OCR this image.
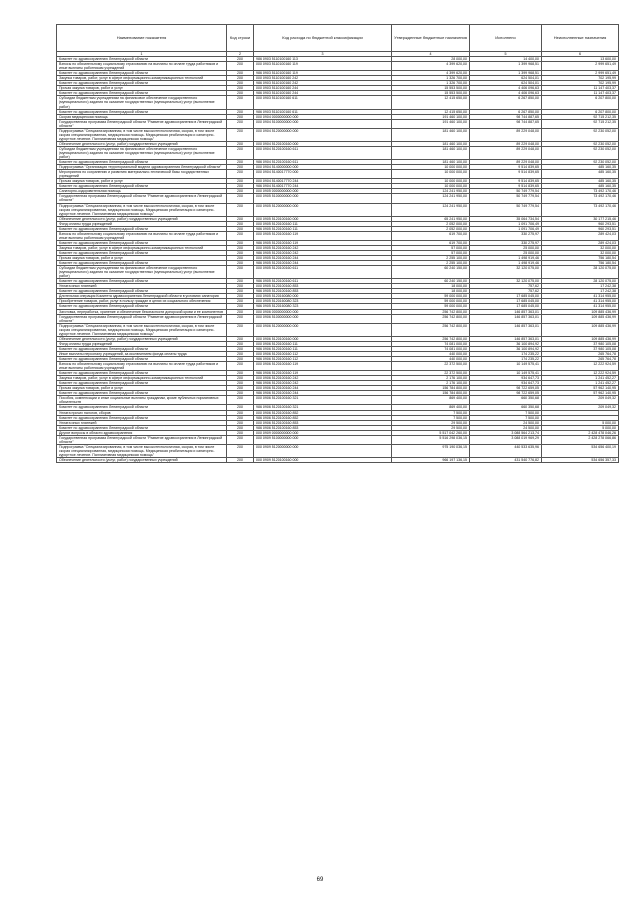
Наименование показателя	Код строки	Код расхода по бюджетной классификации	Утвержденные бюджетные назначения	Исполнено	Неисполненные назначения
1	2	3	4	5	6
Комитет по здравоохранению Ленинградской области	200	986 0903 5110100160 113	28 000,00	14 400,00	13 600,00
Взносы по обязательному социальному страхованию на выплаты по оплате труда работников и иные выплаты работникам учреждений	200	000 0903 5110100160 119	4 399 620,00	1 399 968,51	2 999 651,49
Комитет по здравоохранению Ленинградской области	200	986 0903 5110100160 119	4 399 620,00	1 399 968,51	2 999 651,49
Закупка товаров, работ, услуг в сфере информационно-коммуникационных технологий	200	000 0903 5110100160 242	1 326 700,00	624 504,01	702 195,99
Комитет по здравоохранению Ленинградской области	200	986 0903 5110100160 242	1 326 700,00	624 504,01	702 195,99
Прочая закупка товаров, работ и услуг	200	000 0903 5110100160 244	15 553 500,00	4 406 096,63	11 147 403,37
Комитет по здравоохранению Ленинградской области	200	986 0903 5110100160 244	15 553 500,00	4 406 096,63	11 147 403,37
Субсидии бюджетным учреждениям на финансовое обеспечение государственного (муниципального) задания на оказание государственных (муниципальных) услуг (выполнение работ)	200	000 0903 5110100160 611	12 415 650,00	6 267 850,00	6 207 800,00
Комитет по здравоохранению Ленинградской области	200	986 0903 5110100160 611	12 415 650,00	6 267 850,00	6 207 800,00
Скорая медицинская помощь	200	000 0904 0000000000 000	191 460 100,00	98 744 887,65	92 715 212,35
Государственная программа Ленинградской области "Развитие здравоохранения в Ленинградской области"	200	000 0904 5100000000 000	191 460 100,00	98 744 887,65	92 715 212,35
Подпрограмма "Специализированная, в том числе высокотехнологичная, скорая, в том числе скорая специализированная, медицинская помощь. Медицинская реабилитация и санаторно-курортное лечение. Паллиативная медицинская помощь"	200	000 0904 5120000000 000	181 460 100,00	89 229 048,00	92 230 052,00
Обеспечение деятельности (услуг, работ) государственных учреждений	200	000 0904 5120100160 000	181 460 100,00	89 229 048,00	92 230 052,00
Субсидии бюджетным учреждениям на финансовое обеспечение государственного (муниципального) задания на оказание государственных (муниципальных) услуг (выполнение работ)	200	000 0904 5120100160 611	181 460 100,00	89 229 048,00	92 230 052,00
Комитет по здравоохранению Ленинградской области	200	986 0904 5120100160 611	181 460 100,00	89 229 048,00	92 230 052,00
Подпрограмма "Организация территориальной модели здравоохранения Ленинградской области"	200	000 0904 5140000000 000	10 000 000,00	9 514 839,65	485 160,35
Мероприятия по сохранению и развитию материально-технической базы государственных учреждений	200	000 0904 5140017770 000	10 000 000,00	9 514 839,65	485 160,35
Прочая закупка товаров, работ и услуг	200	000 0904 5140017770 244	10 000 000,00	9 514 839,65	485 160,35
Комитет по здравоохранению Ленинградской области	200	986 0904 5140017770 244	10 000 000,00	9 514 839,65	485 160,35
Санаторно-оздоровительная помощь	200	000 0905 0000000000 000	124 241 950,00	50 749 779,54	73 492 170,46
Государственная программа Ленинградской области "Развитие здравоохранения в Ленинградской области"	200	000 0905 5100000000 000	124 241 950,00	50 749 779,54	73 492 170,46
Подпрограмма "Специализированная, в том числе высокотехнологичная, скорая, в том числе скорая специализированная, медицинская помощь. Медицинская реабилитация и санаторно-курортное лечение. Паллиативная медицинская помощь"	200	000 0905 5120000000 000	124 241 950,00	50 749 779,54	73 492 170,46
Обеспечение деятельности (услуг, работ) государственных учреждений	200	000 0905 5120100160 000	65 241 950,00	35 064 734,54	30 177 215,46
Фонд оплаты труда учреждений	200	000 0905 5120100160 111	2 052 000,00	1 091 706,49	960 293,51
Комитет по здравоохранению Ленинградской области	200	986 0905 5120100160 111	2 052 000,00	1 091 706,49	960 293,51
Взносы по обязательному социальному страхованию на выплаты по оплате труда работников и иные выплаты работникам учреждений	200	000 0905 5120100160 119	619 700,00	330 275,97	289 424,03
Комитет по здравоохранению Ленинградской области	200	986 0905 5120100160 119	619 700,00	330 275,97	289 424,03
Закупка товаров, работ, услуг в сфере информационно-коммуникационных технологий	200	000 0905 5120100160 242	57 000,00	25 000,00	32 000,00
Комитет по здравоохранению Ленинградской области	200	986 0905 5120100160 242	57 000,00	25 000,00	32 000,00
Прочая закупка товаров, работ и услуг	200	000 0905 5120100160 244	2 255 100,00	1 498 919,46	756 180,54
Комитет по здравоохранению Ленинградской области	200	986 0905 5120100160 244	2 255 100,00	1 498 919,46	756 180,54
Субсидии бюджетным учреждениям на финансовое обеспечение государственного (муниципального) задания на оказание государственных (муниципальных) услуг (выполнение работ)	200	000 0905 5120100160 611	60 240 150,00	32 120 075,00	28 120 075,00
Комитет по здравоохранению Ленинградской области	200	986 0905 5120100160 611	60 240 150,00	32 120 075,00	28 120 075,00
Уплата иных платежей	200	000 0905 5120100160 853	18 000,00	757,62	17 242,38
Комитет по здравоохранению Ленинградской области	200	986 0905 5120100160 853	18 000,00	757,62	17 242,38
Длительная операция Комитета здравоохранения Ленинградской области в условиях санатория	200	000 0905 5120160080 000	59 000 000,00	17 685 045,00	41 314 955,00
Приобретение товаров, работ, услуг в пользу граждан в целях их социального обеспечения	200	000 0905 5120160080 323	59 000 000,00	17 685 045,00	41 314 955,00
Комитет по здравоохранению Ленинградской области	200	986 0905 5120160080 323	59 000 000,00	17 685 045,00	41 314 955,00
Заготовка, переработка, хранение и обеспечение безопасности донорской крови и ее компонентов	200	000 0906 0000000000 000	256 742 800,00	146 857 363,01	109 885 436,99
Государственная программа Ленинградской области "Развитие здравоохранения в Ленинградской области"	200	000 0906 5100000000 000	256 742 800,00	146 857 363,01	109 885 436,99
Подпрограмма "Специализированная, в том числе высокотехнологичная, скорая, в том числе скорая специализированная, медицинская помощь. Медицинская реабилитация и санаторно-курортное лечение. Паллиативная медицинская помощь"	200	000 0906 5120000000 000	256 742 800,00	146 857 363,01	109 885 436,99
Обеспечение деятельности (услуг, работ) государственных учреждений	200	000 0906 5120100160 000	256 742 800,00	146 857 363,01	109 885 436,99
Фонд оплаты труда учреждений	200	000 0906 5120100160 111	74 081 000,00	36 100 894,92	37 980 105,08
Комитет по здравоохранению Ленинградской области	200	986 0906 5120100160 111	74 081 000,00	36 100 894,92	37 980 105,08
Иные выплаты персоналу учреждений, за исключением фонда оплаты труда	200	000 0906 5120100160 112	440 000,00	174 235,22	265 764,78
Комитет по здравоохранению Ленинградской области	200	986 0906 5120100160 112	440 000,00	174 235,22	265 764,78
Взносы по обязательному социальному страхованию на выплаты по оплате труда работников и иные выплаты работникам учреждений	200	000 0906 5120100160 119	22 372 500,00	10 149 575,41	12 222 924,59
Комитет по здравоохранению Ленинградской области	200	986 0906 5120100160 119	22 372 500,00	10 149 575,41	12 222 924,59
Закупка товаров, работ, услуг в сфере информационно-коммуникационных технологий	200	000 0906 5120100160 242	2 176 100,00	934 647,73	1 241 452,27
Комитет по здравоохранению Ленинградской области	200	986 0906 5120100160 242	2 176 100,00	934 647,73	1 241 452,27
Прочая закупка товаров, работ и услуг	200	000 0906 5120100160 244	156 784 800,00	98 722 659,05	57 962 140,95
Комитет по здравоохранению Ленинградской области	200	986 0906 5120100160 244	156 784 800,00	98 722 659,05	57 962 140,95
Пособия, компенсации и иные социальные выплаты гражданам, кроме публичных нормативных обязательств	200	000 0906 5120100160 321	869 400,00	660 350,68	209 049,32
Комитет по здравоохранению Ленинградской области	200	986 0906 5120100160 321	869 400,00	660 350,68	209 049,32
Уплата прочих налогов, сборов	200	000 0906 5120100160 852	7 500,00	7 500,00	
Комитет по здравоохранению Ленинградской области	200	986 0906 5120100160 852	7 500,00	7 500,00	
Уплата иных платежей	200	000 0906 5120100160 853	29 500,00	24 500,00	5 000,00
Комитет по здравоохранению Ленинградской области	200	986 0906 5120100160 853	29 500,00	24 500,00	5 000,00
Другие вопросы в области здравоохранения	200	000 0909 0000000000 000	5 517 042 260,00	3 088 564 213,74	2 428 478 046,26
Государственная программа Ленинградской области "Развитие здравоохранения в Ленинградской области"	200	000 0909 5100000000 000	5 516 298 036,15	3 088 019 969,29	2 428 278 066,86
Подпрограмма "Специализированная, в том числе высокотехнологичная, скорая, в том числе скорая специализированная, медицинская помощь. Медицинская реабилитация и санаторно-курортное лечение. Паллиативная медицинская помощь"	200	000 0909 5120000000 000	975 190 036,15	440 533 635,96	534 656 400,19
Обеспечение деятельности (услуг, работ) государственных учреждений	200	000 0909 5120100160 000	966 197 136,15	431 540 776,82	534 656 357,33
69
